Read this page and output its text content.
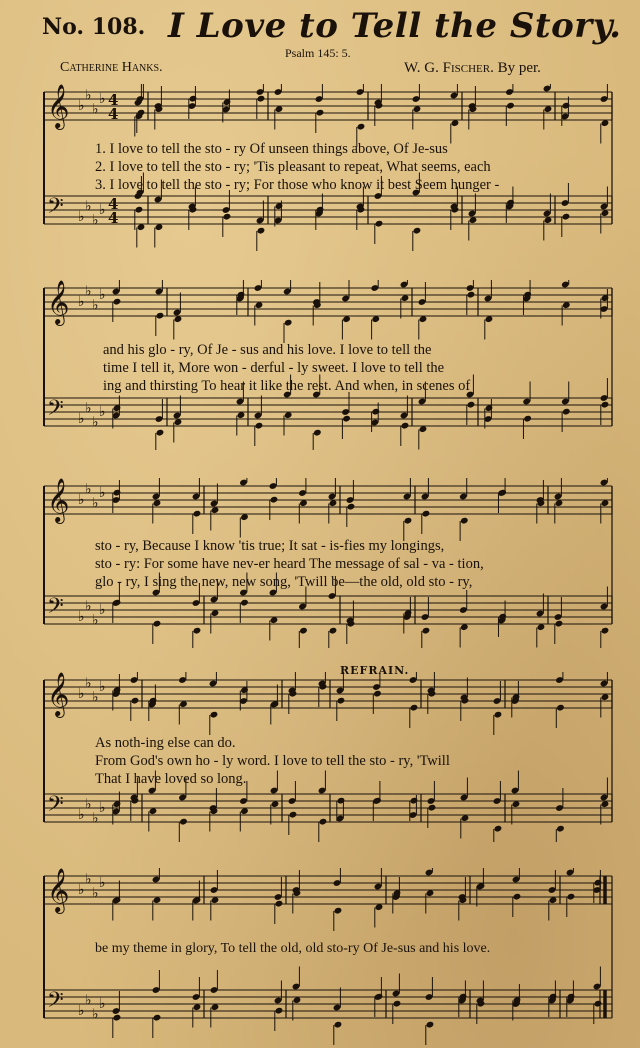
No. 108. I Love to Tell the Story.
Psalm 145: 5.
Catherine Hanks.	W. G. Fischer. By per.
REFRAIN.
𝄞 ♭
♭
♭
♭ 4
4
𝄢 ♭
♭
♭
♭ 4
4
1. I love to tell the sto - ry Of unseen things above, Of Je-sus
2. I love to tell the sto - ry; 'Tis pleasant to repeat, What seems, each
3. I love to tell the sto - ry; For those who know it best Seem hunger -
𝄞 ♭
♭
♭
♭
𝄢 ♭
♭
♭
♭
and his glo - ry, Of Je - sus and his love. I love to tell the
time I tell it, More won - derful - ly sweet. I love to tell the
ing and thirsting To hear it like the rest. And when, in scenes of
𝄞 ♭
♭
♭
♭
𝄢 ♭
♭
♭
♭
sto - ry, Because I know 'tis true; It sat - is-fies my longings,
sto - ry: For some have nev-er heard The message of sal - va - tion,
glo - ry, I sing the new, new song, 'Twill be—the old, old sto - ry,
𝄞 ♭
♭
♭
♭
𝄢 ♭
♭
♭
♭
As noth-ing else can do.
From God's own ho - ly word. I love to tell the sto - ry, 'Twill
That I have loved so long.
𝄞 ♭
♭
♭
♭
𝄢 ♭
♭
♭
♭
be my theme in glory, To tell the old, old sto-ry Of Je-sus and his love.
